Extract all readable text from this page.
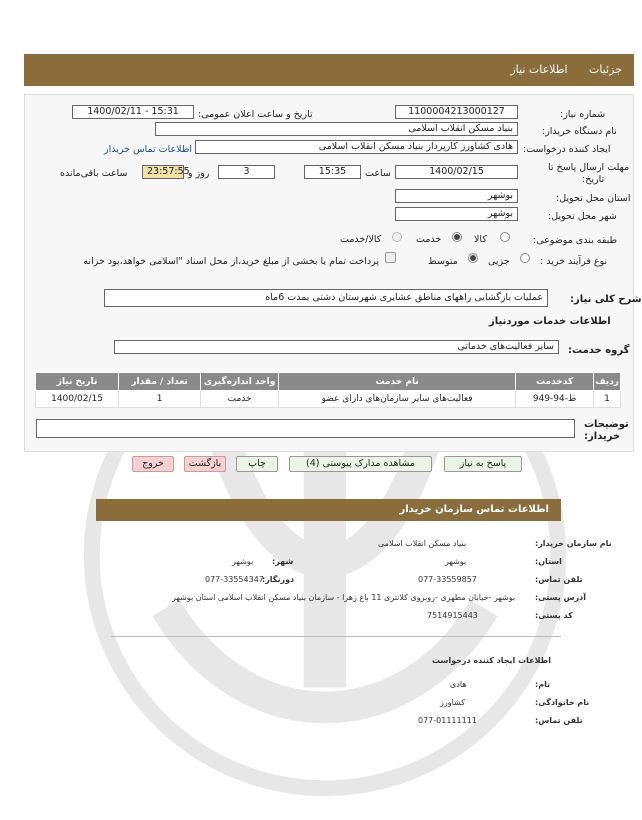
جزئیات اطلاعات نیاز
شماره نیاز:
1100004213000127
تاریخ و ساعت اعلان عمومی:
1400/02/11 - 15:31
نام دستگاه خریدار:
بنیاد مسکن انقلاب اسلامی
ایجاد کننده درخواست:
هادی کشاورز کارپرداز بنیاد مسکن انقلاب اسلامی
اطلاعات تماس خریدار
مهلت ارسال پاسخ تا
تاریخ:
1400/02/15
ساعت
15:35
3
روز و
23:57:55
ساعت باقی‌مانده
استان محل تحویل:
بوشهر
شهر محل تحویل:
بوشهر
طبقه بندی موضوعی:
کالا
خدمت
کالا/خدمت
نوع فرآیند خرید :
جزیی
متوسط
پرداخت تمام یا بخشی از مبلغ خرید،از محل اسناد "اسلامی خواهد،بود خزانه
شرح کلی نیاز:
عملیات بازگشایی راههای مناطق عشایری شهرستان دشتی بمدت 6ماه
اطلاعات خدمات موردنیاز
گروه خدمت:
سایر فعالیت‌های خدماتی
ردیف	کدخدمت	نام خدمت	واحد اندازه‌گیری	تعداد / مقدار	تاریخ نیاز
1	ط-94-949	فعالیت‌های سایر سازمان‌های دارای عضو	خدمت	1	1400/02/15
توضیحات
خریدار:
پاسخ به نیاز
مشاهده مدارک پیوستی (4)
چاپ
بازگشت
خروج
اطلاعات تماس سازمان خریدار
نام سازمان خریدار:
بنیاد مسکن انقلاب اسلامی
استان:
بوشهر
شهر:
بوشهر
تلفن تماس:
077-33559857
دورنگار:
077-33554347
آدرس پستی:
بوشهر -خیابان مطهری -روبروی کلانتری 11 باغ زهرا - سازمان بنیاد مسکن انقلاب اسلامی استان بوشهر
کد پستی:
7514915443
اطلاعات ایجاد کننده درخواست
نام:
هادی
نام خانوادگی:
کشاورز
تلفن تماس:
077-01111111
